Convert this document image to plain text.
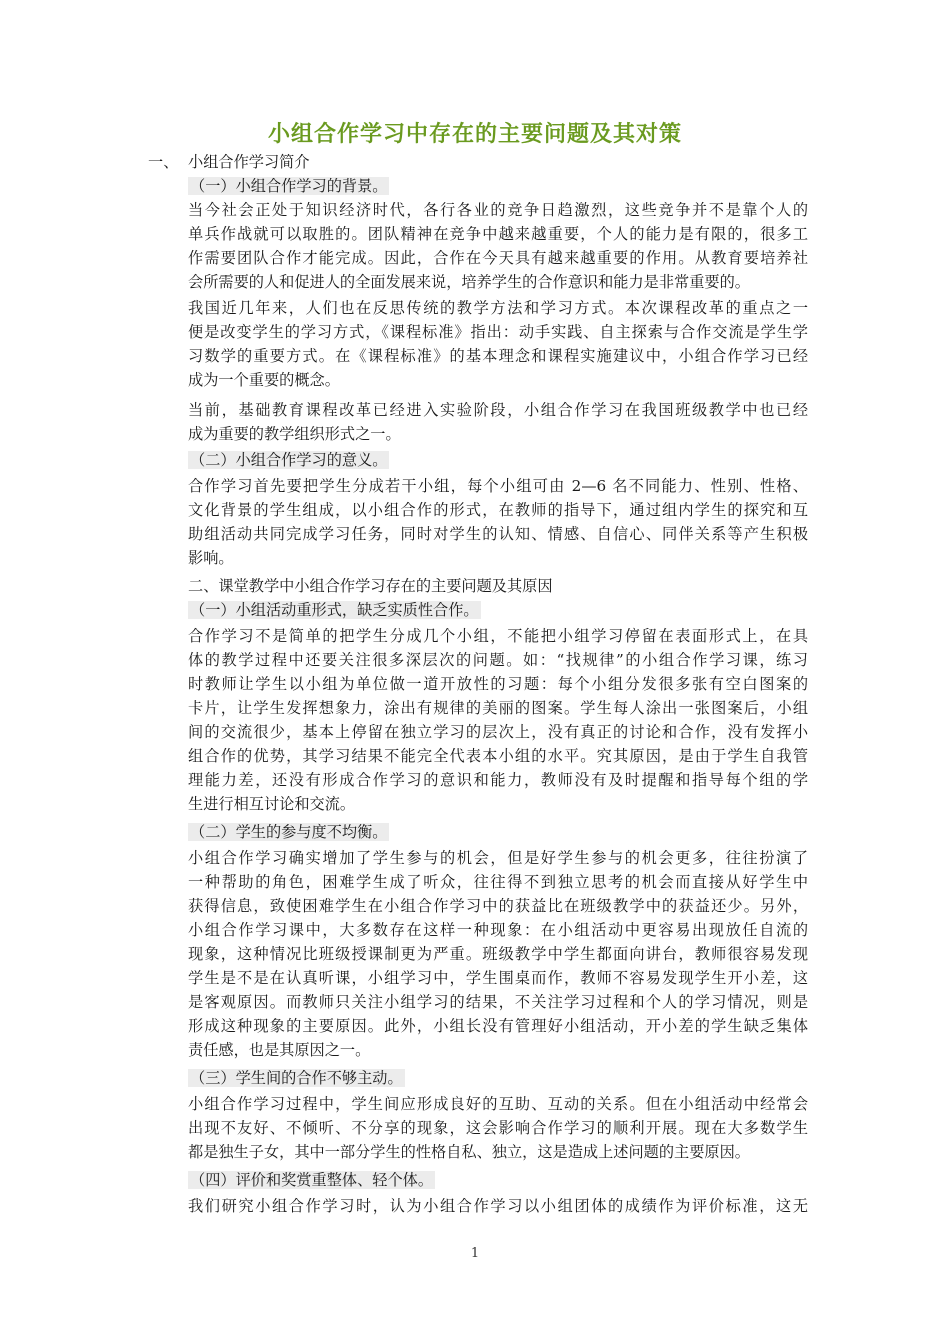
小组合作学习中存在的主要问题及其对策
一、 小组合作学习简介
（一）小组合作学习的背景。
当今社会正处于知识经济时代，各行各业的竞争日趋激烈，这些竞争并不是靠个人的
单兵作战就可以取胜的。团队精神在竞争中越来越重要，个人的能力是有限的，很多工
作需要团队合作才能完成。因此，合作在今天具有越来越重要的作用。从教育要培养社
会所需要的人和促进人的全面发展来说，培养学生的合作意识和能力是非常重要的。
我国近几年来，人们也在反思传统的教学方法和学习方式。本次课程改革的重点之一
便是改变学生的学习方式，《课程标准》指出：动手实践、自主探索与合作交流是学生学
习数学的重要方式。在《课程标准》的基本理念和课程实施建议中，小组合作学习已经
成为一个重要的概念。
当前，基础教育课程改革已经进入实验阶段，小组合作学习在我国班级教学中也已经
成为重要的教学组织形式之一。
（二）小组合作学习的意义。
合作学习首先要把学生分成若干小组，每个小组可由 2—6 名不同能力、性别、性格、
文化背景的学生组成，以小组合作的形式，在教师的指导下，通过组内学生的探究和互
助组活动共同完成学习任务，同时对学生的认知、情感、自信心、同伴关系等产生积极
影响。
二、课堂教学中小组合作学习存在的主要问题及其原因
（一）小组活动重形式，缺乏实质性合作。
合作学习不是简单的把学生分成几个小组，不能把小组学习停留在表面形式上，在具
体的教学过程中还要关注很多深层次的问题。如：“找规律”的小组合作学习课，练习
时教师让学生以小组为单位做一道开放性的习题：每个小组分发很多张有空白图案的
卡片，让学生发挥想象力，涂出有规律的美丽的图案。学生每人涂出一张图案后，小组
间的交流很少，基本上停留在独立学习的层次上，没有真正的讨论和合作，没有发挥小
组合作的优势，其学习结果不能完全代表本小组的水平。究其原因，是由于学生自我管
理能力差，还没有形成合作学习的意识和能力，教师没有及时提醒和指导每个组的学
生进行相互讨论和交流。
（二）学生的参与度不均衡。
小组合作学习确实增加了学生参与的机会，但是好学生参与的机会更多，往往扮演了
一种帮助的角色，困难学生成了听众，往往得不到独立思考的机会而直接从好学生中
获得信息，致使困难学生在小组合作学习中的获益比在班级教学中的获益还少。另外，
小组合作学习课中，大多数存在这样一种现象：在小组活动中更容易出现放任自流的
现象，这种情况比班级授课制更为严重。班级教学中学生都面向讲台，教师很容易发现
学生是不是在认真听课，小组学习中，学生围桌而作，教师不容易发现学生开小差，这
是客观原因。而教师只关注小组学习的结果，不关注学习过程和个人的学习情况，则是
形成这种现象的主要原因。此外，小组长没有管理好小组活动，开小差的学生缺乏集体
责任感，也是其原因之一。
（三）学生间的合作不够主动。
小组合作学习过程中，学生间应形成良好的互助、互动的关系。但在小组活动中经常会
出现不友好、不倾听、不分享的现象，这会影响合作学习的顺利开展。现在大多数学生
都是独生子女，其中一部分学生的性格自私、独立，这是造成上述问题的主要原因。
（四）评价和奖赏重整体、轻个体。
我们研究小组合作学习时，认为小组合作学习以小组团体的成绩作为评价标准，这无
1
